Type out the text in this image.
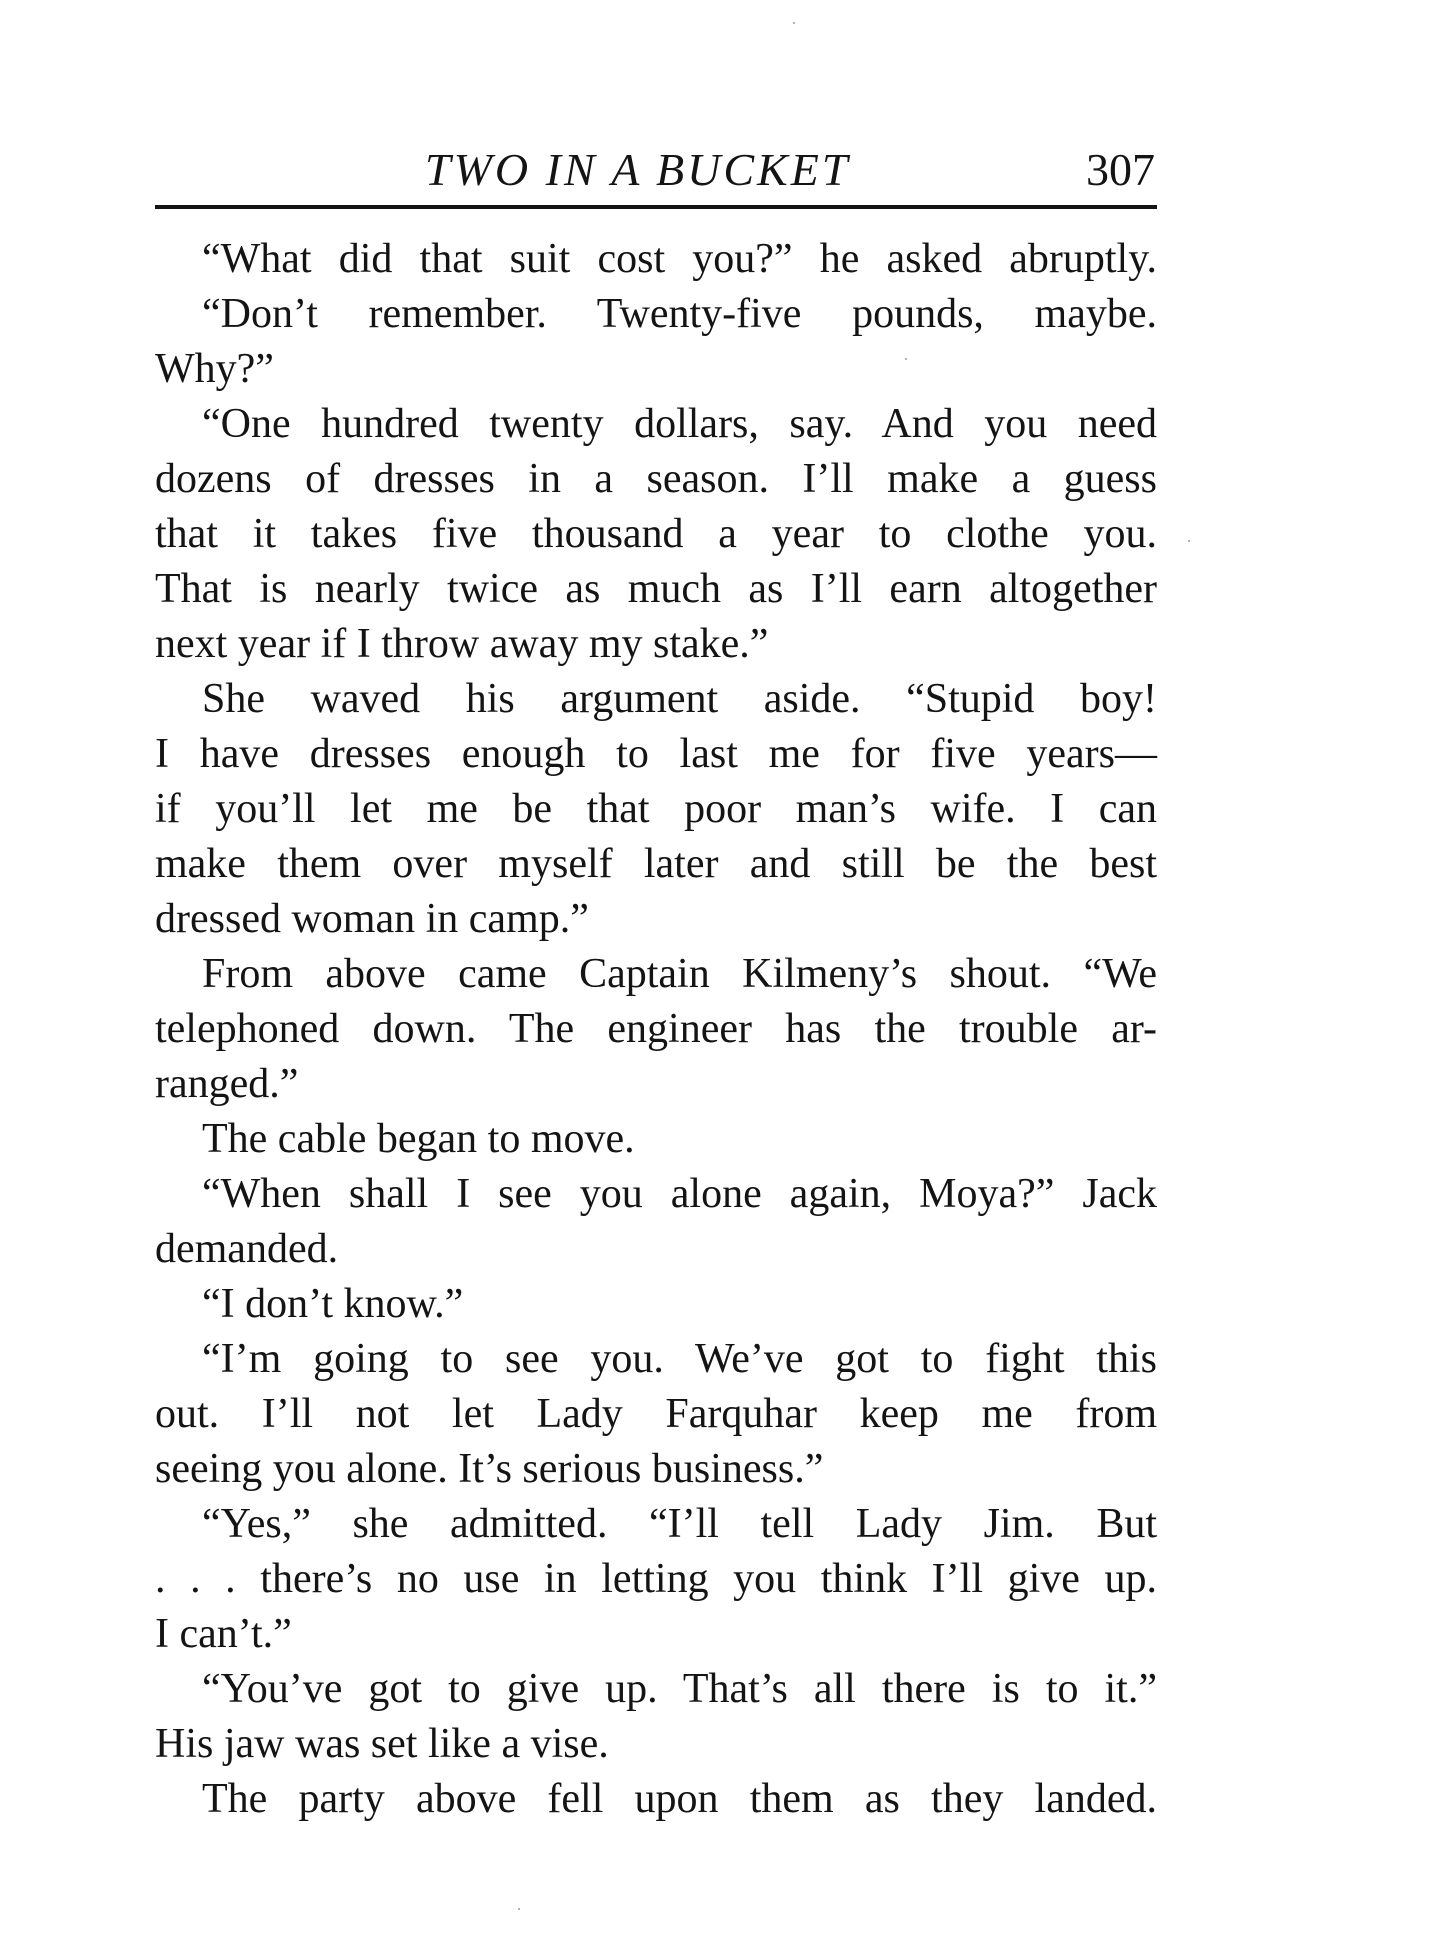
TWO IN A BUCKET	307
“What did that suit cost you?” he asked abruptly.
“Don’t remember. Twenty-five pounds, maybe.
Why?”
“One hundred twenty dollars, say. And you need
dozens of dresses in a season. I’ll make a guess
that it takes five thousand a year to clothe you.
That is nearly twice as much as I’ll earn altogether
next year if I throw away my stake.”
She waved his argument aside. “Stupid boy!
I have dresses enough to last me for five years—
if you’ll let me be that poor man’s wife. I can
make them over myself later and still be the best
dressed woman in camp.”
From above came Captain Kilmeny’s shout. “We
telephoned down. The engineer has the trouble ar-
ranged.”
The cable began to move.
“When shall I see you alone again, Moya?” Jack
demanded.
“I don’t know.”
“I’m going to see you. We’ve got to fight this
out. I’ll not let Lady Farquhar keep me from
seeing you alone. It’s serious business.”
“Yes,” she admitted. “I’ll tell Lady Jim. But
. . . there’s no use in letting you think I’ll give up.
I can’t.”
“You’ve got to give up. That’s all there is to it.”
His jaw was set like a vise.
The party above fell upon them as they landed.
